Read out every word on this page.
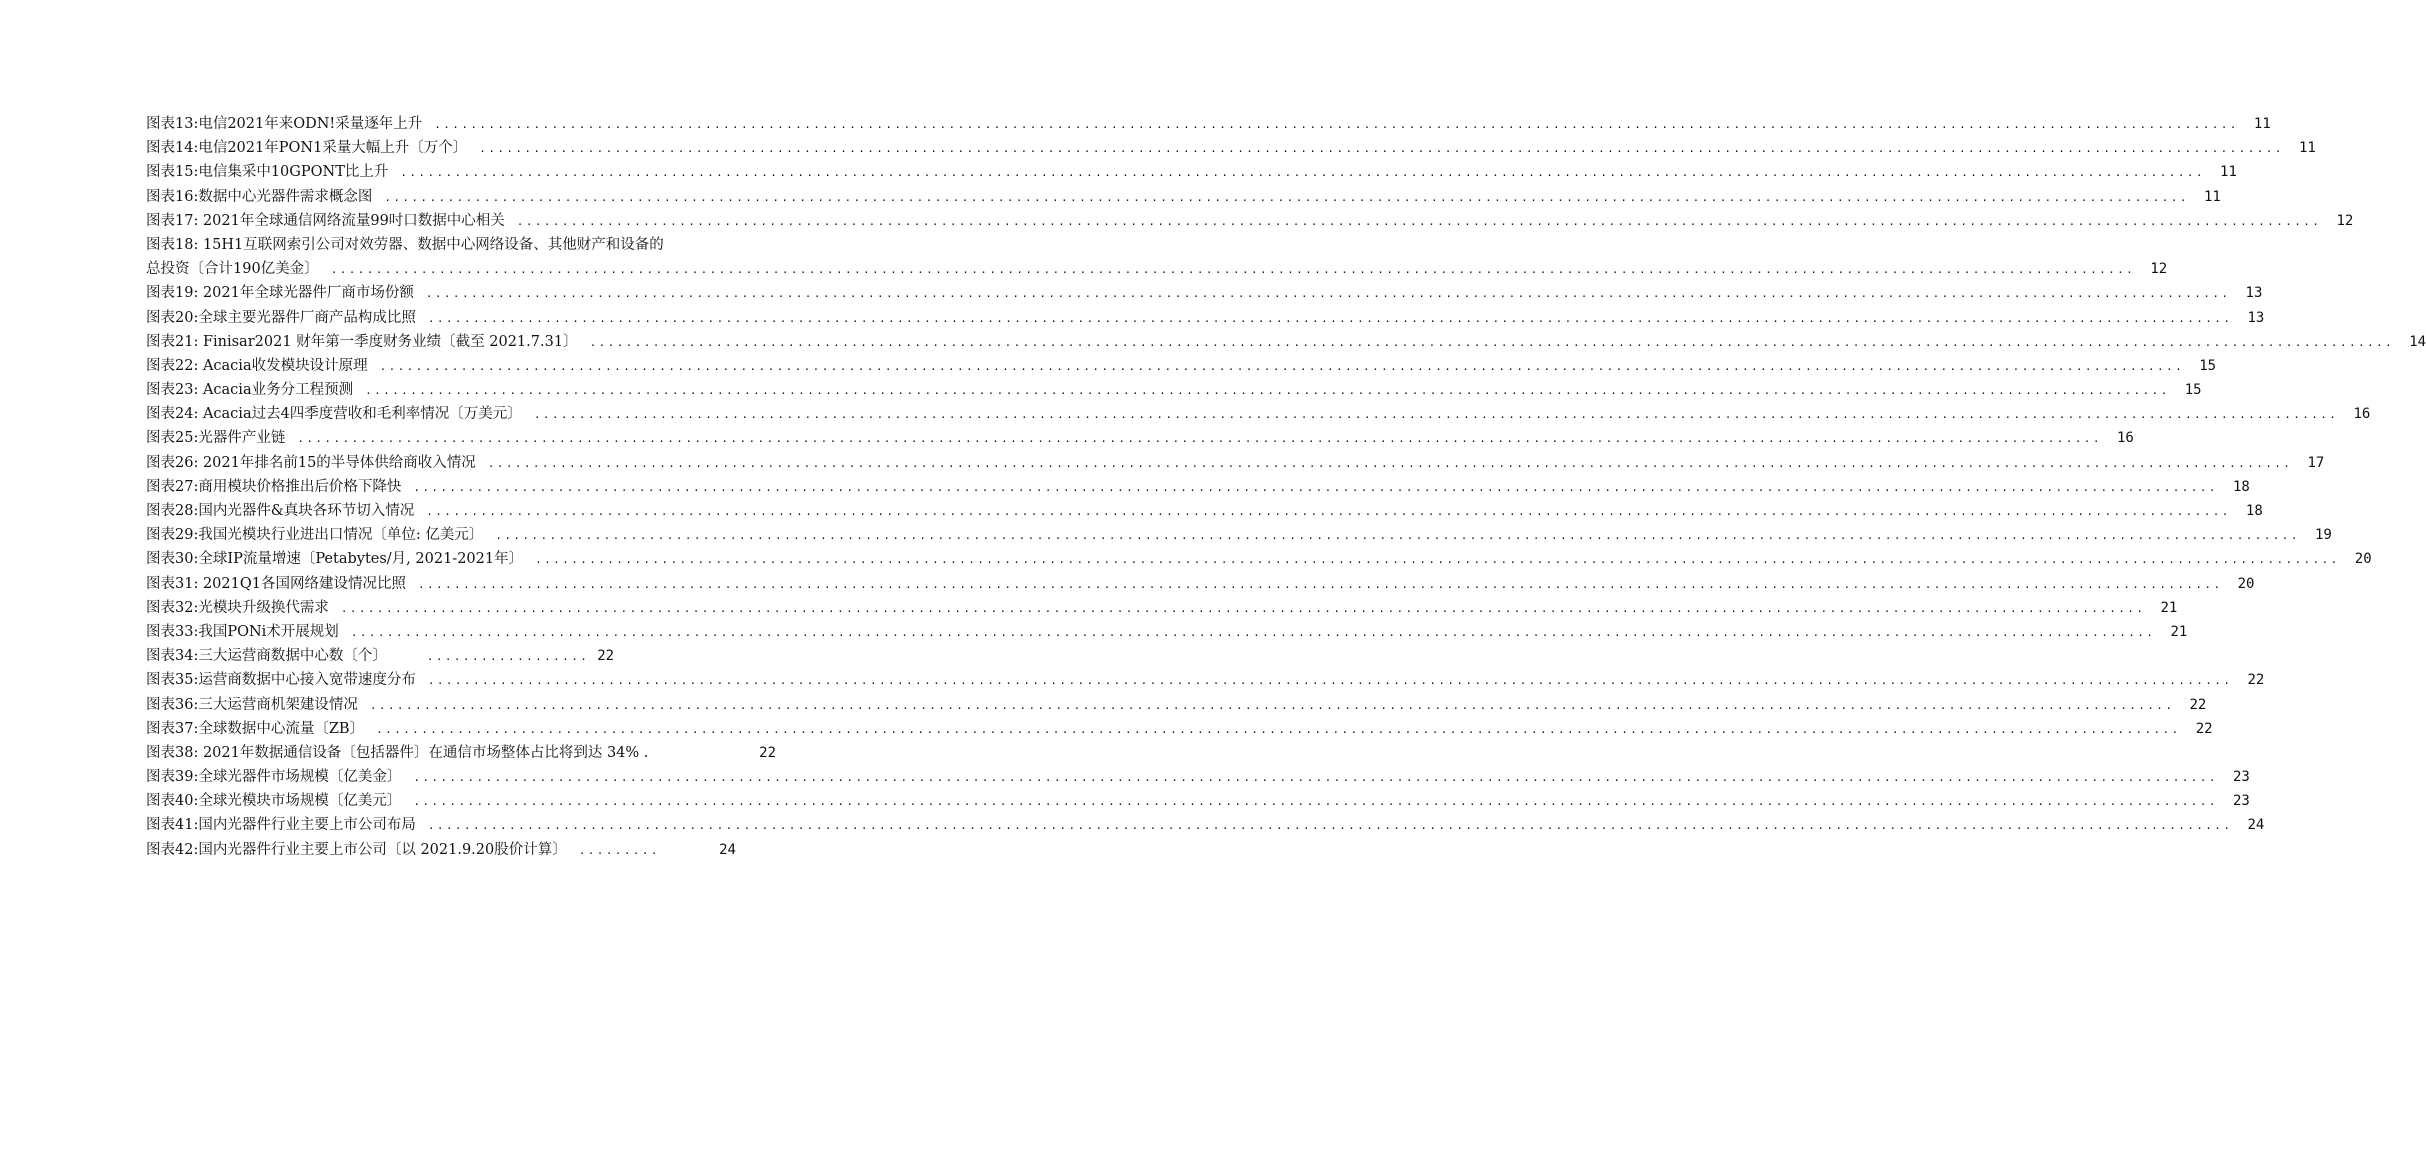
图表13:电信2021年来ODN!采量逐年上升 ........................................................................................................................................................................................................	11
图表14:电信2021年PON1采量大幅上升〔万个〕 ........................................................................................................................................................................................................	11
图表15:电信集采中10GPONT比上升 ........................................................................................................................................................................................................	11
图表16:数据中心光器件需求概念图 ........................................................................................................................................................................................................	11
图表17: 2021年全球通信网络流量99吋口数据中心相关 ........................................................................................................................................................................................................	12
图表18: 15H1互联网索引公司对效劳器、数据中心网络设备、其他财产和设备的
总投资〔合计190亿美金〕 ........................................................................................................................................................................................................	12
图表19: 2021年全球光器件厂商市场份额 ........................................................................................................................................................................................................	13
图表20:全球主要光器件厂商产品构成比照 ........................................................................................................................................................................................................	13
图表21: Finisar2021 财年第一季度财务业绩〔截至 2021.7.31〕 ........................................................................................................................................................................................................	14
图表22: Acacia收发模块设计原理 ........................................................................................................................................................................................................	15
图表23: Acacia业务分工程预测 ........................................................................................................................................................................................................	15
图表24: Acacia过去4四季度营收和毛利率情况〔万美元〕 ........................................................................................................................................................................................................	16
图表25:光器件产业链 ........................................................................................................................................................................................................	16
图表26: 2021年排名前15的半导体供给商收入情况 ........................................................................................................................................................................................................	17
图表27:商用模块价格推出后价格下降快 ........................................................................................................................................................................................................	18
图表28:国内光器件&真块各环节切入情况 ........................................................................................................................................................................................................	18
图表29:我国光模块行业进出口情况〔单位: 亿美元〕 ........................................................................................................................................................................................................	19
图表30:全球IP流量增速〔Petabytes/月, 2021-2021年〕 ........................................................................................................................................................................................................	20
图表31: 2021Q1各国网络建设情况比照 ........................................................................................................................................................................................................	20
图表32:光模块升级换代需求 ........................................................................................................................................................................................................	21
图表33:我国PONi术开展规划 ........................................................................................................................................................................................................	21
图表34:三大运营商数据中心数〔个〕	.................. 22
图表35:运营商数据中心接入宽带速度分布 ........................................................................................................................................................................................................	22
图表36:三大运营商机架建设情况 ........................................................................................................................................................................................................	22
图表37:全球数据中心流量〔ZB〕 ........................................................................................................................................................................................................	22
图表38: 2021年数据通信设备〔包括器件〕在通信市场整体占比将到达 34% .	22
图表39:全球光器件市场规模〔亿美金〕 ........................................................................................................................................................................................................	23
图表40:全球光模块市场规模〔亿美元〕 ........................................................................................................................................................................................................	23
图表41:国内光器件行业主要上市公司布局 ........................................................................................................................................................................................................	24
图表42:国内光器件行业主要上市公司〔以 2021.9.20股价计算〕 .........	24
